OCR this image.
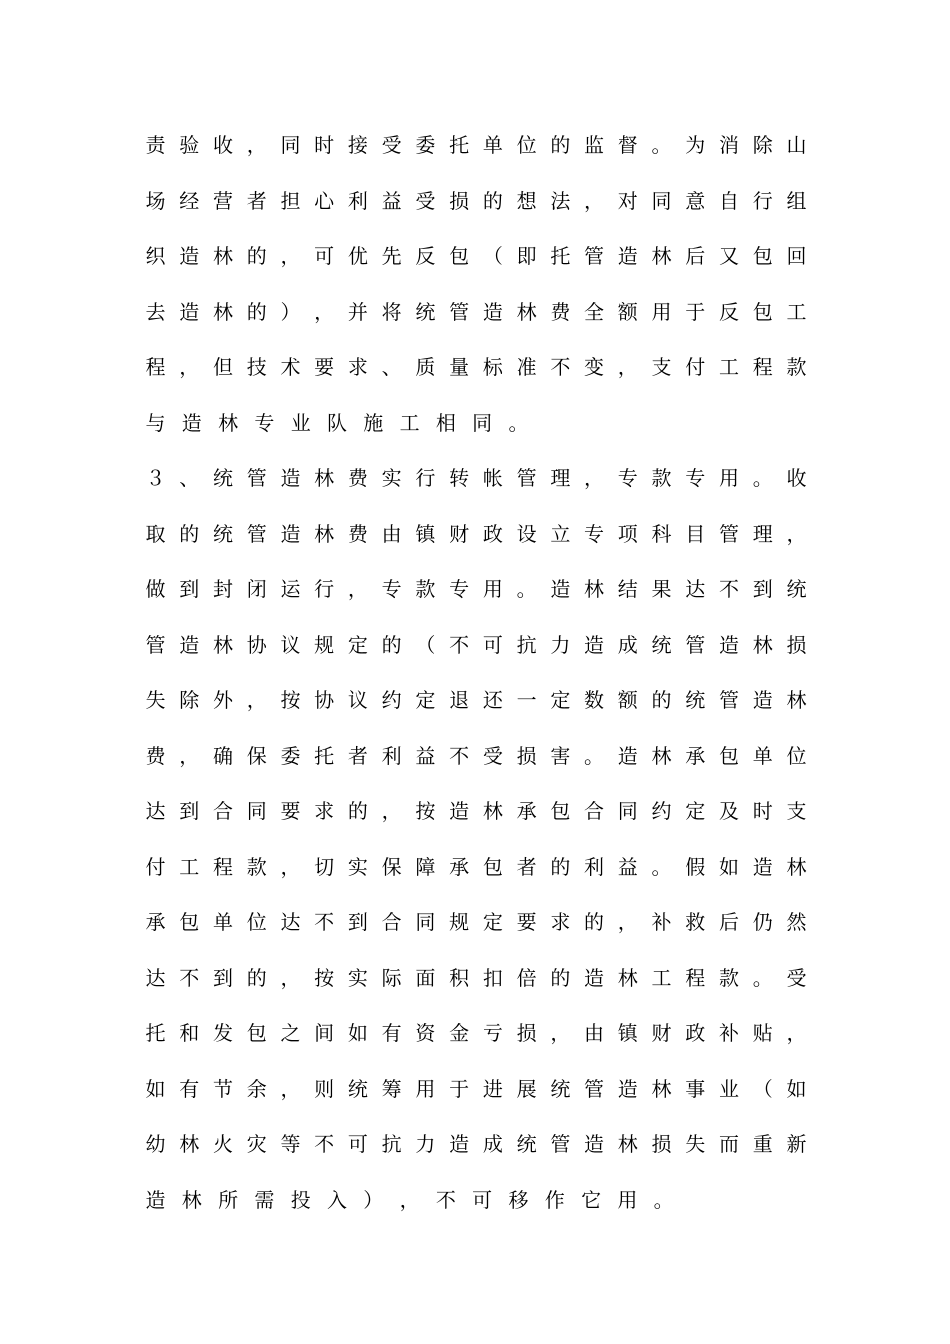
责 验 收 ， 同 时 接 受 委 托 单 位 的 监 督 。 为 消 除 山
场 经 营 者 担 心 利 益 受 损 的 想 法 ， 对 同 意 自 行 组
织 造 林 的 ， 可 优 先 反 包 （ 即 托 管 造 林 后 又 包 回
去 造 林 的 ） ， 并 将 统 管 造 林 费 全 额 用 于 反 包 工
程 ， 但 技 术 要 求 、 质 量 标 准 不 变 ， 支 付 工 程 款
与 造 林 专 业 队 施 工 相 同 。
３ 、 统 管 造 林 费 实 行 转 帐 管 理 ， 专 款 专 用 。 收
取 的 统 管 造 林 费 由 镇 财 政 设 立 专 项 科 目 管 理 ，
做 到 封 闭 运 行 ， 专 款 专 用 。 造 林 结 果 达 不 到 统
管 造 林 协 议 规 定 的 （ 不 可 抗 力 造 成 统 管 造 林 损
失 除 外 ， 按 协 议 约 定 退 还 一 定 数 额 的 统 管 造 林
费 ， 确 保 委 托 者 利 益 不 受 损 害 。 造 林 承 包 单 位
达 到 合 同 要 求 的 ， 按 造 林 承 包 合 同 约 定 及 时 支
付 工 程 款 ， 切 实 保 障 承 包 者 的 利 益 。 假 如 造 林
承 包 单 位 达 不 到 合 同 规 定 要 求 的 ， 补 救 后 仍 然
达 不 到 的 ， 按 实 际 面 积 扣 倍 的 造 林 工 程 款 。 受
托 和 发 包 之 间 如 有 资 金 亏 损 ， 由 镇 财 政 补 贴 ，
如 有 节 余 ， 则 统 筹 用 于 进 展 统 管 造 林 事 业 （ 如
幼 林 火 灾 等 不 可 抗 力 造 成 统 管 造 林 损 失 而 重 新
造 林 所 需 投 入 ） ， 不 可 移 作 它 用 。
